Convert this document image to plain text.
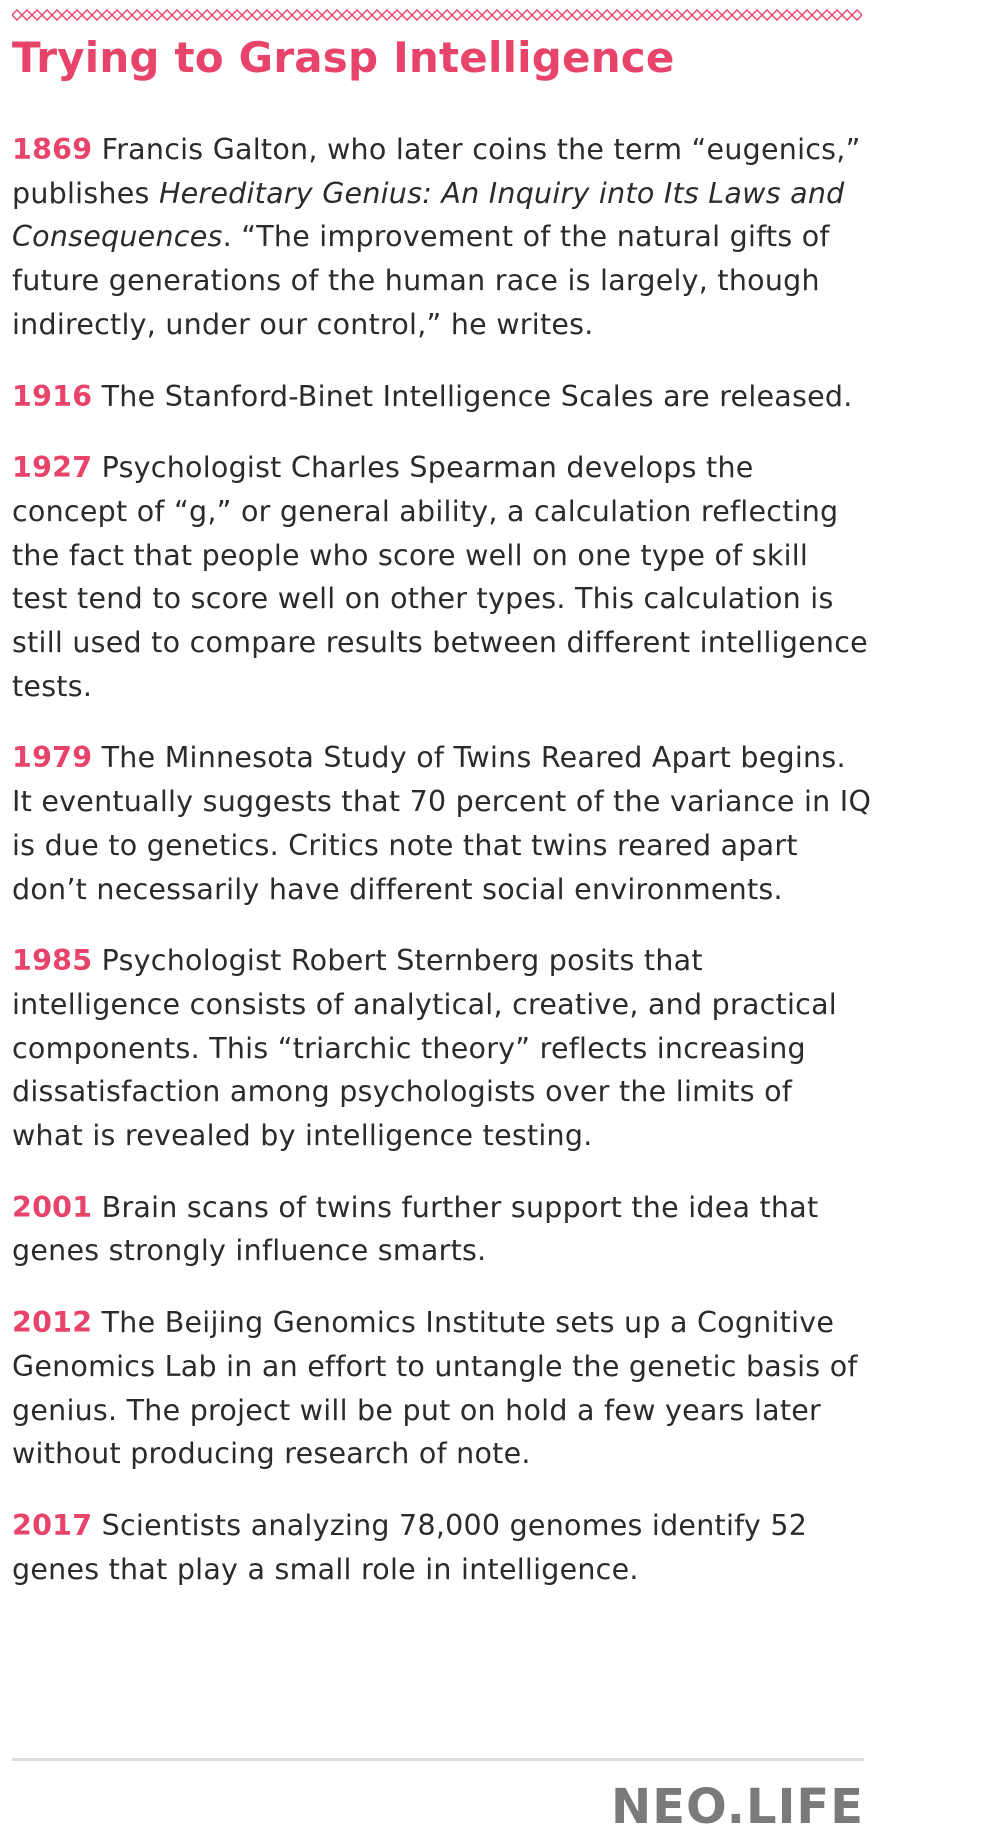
Trying to Grasp Intelligence

1869 Francis Galton, who later coins the term “eugenics,” publishes Hereditary Genius: An Inquiry into Its Laws and Consequences. “The improvement of the natural gifts of future generations of the human race is largely, though indirectly, under our control,” he writes.

1916 The Stanford-Binet Intelligence Scales are released.

1927 Psychologist Charles Spearman develops the concept of “g,” or general ability, a calculation reflecting the fact that people who score well on one type of skill test tend to score well on other types. This calculation is still used to compare results between different intelligence tests.

1979 The Minnesota Study of Twins Reared Apart begins. It eventually suggests that 70 percent of the variance in IQ is due to genetics. Critics note that twins reared apart don’t necessarily have different social environments.

1985 Psychologist Robert Sternberg posits that intelligence consists of analytical, creative, and practical components. This “triarchic theory” reflects increasing dissatisfaction among psychologists over the limits of what is revealed by intelligence testing.

2001 Brain scans of twins further support the idea that genes strongly influence smarts.

2012 The Beijing Genomics Institute sets up a Cognitive Genomics Lab in an effort to untangle the genetic basis of genius. The project will be put on hold a few years later without producing research of note.

2017 Scientists analyzing 78,000 genomes identify 52 genes that play a small role in intelligence.

NEO.LIFE
